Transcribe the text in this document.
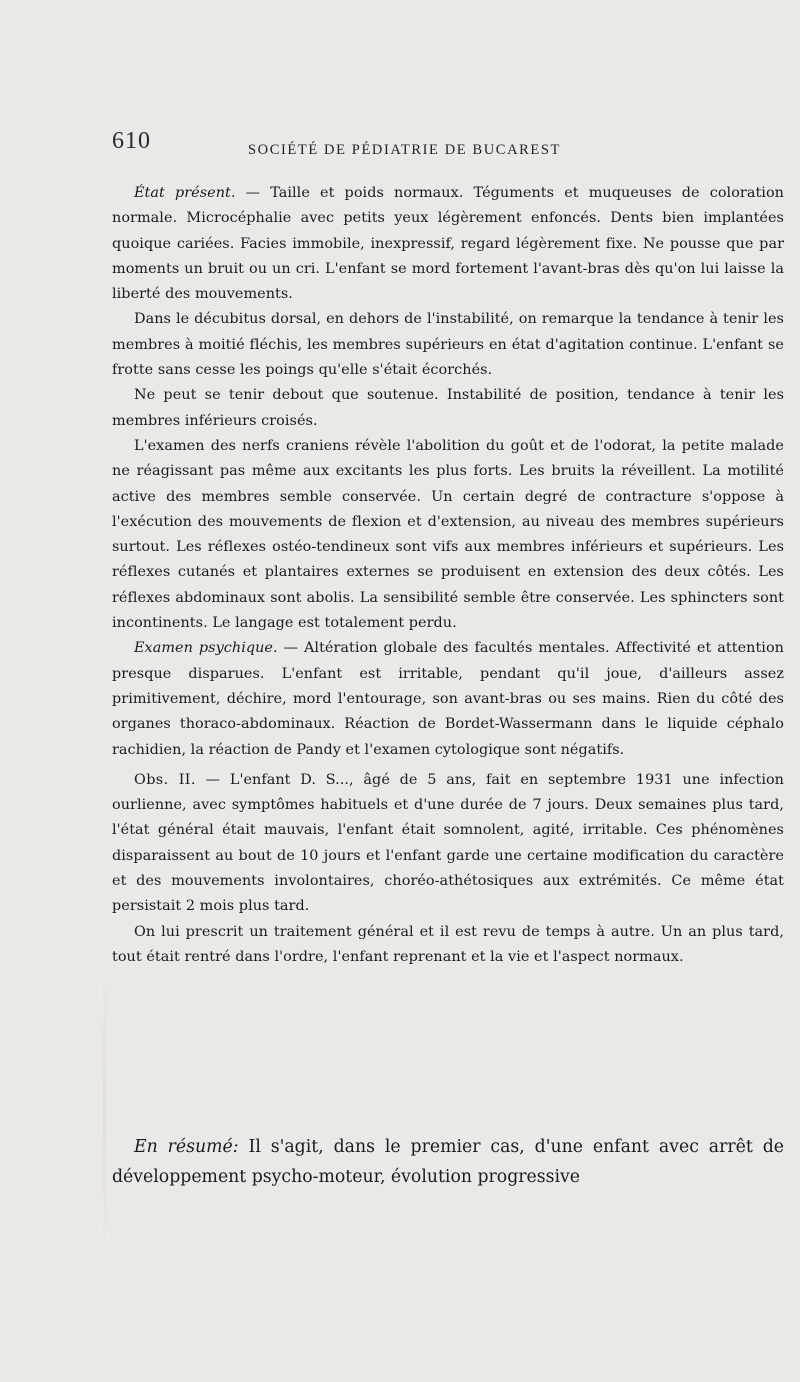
610	SOCIÉTÉ DE PÉDIATRIE DE BUCAREST

État présent. — Taille et poids normaux. Téguments et muqueuses de coloration normale. Microcéphalie avec petits yeux légèrement enfoncés. Dents bien implantées quoique cariées. Facies immobile, inexpressif, regard légèrement fixe. Ne pousse que par moments un bruit ou un cri. L'enfant se mord fortement l'avant-bras dès qu'on lui laisse la liberté des mouvements.

Dans le décubitus dorsal, en dehors de l'instabilité, on remarque la tendance à tenir les membres à moitié fléchis, les membres supérieurs en état d'agitation continue. L'enfant se frotte sans cesse les poings qu'elle s'était écorchés.

Ne peut se tenir debout que soutenue. Instabilité de position, tendance à tenir les membres inférieurs croisés.

L'examen des nerfs craniens révèle l'abolition du goût et de l'odorat, la petite malade ne réagissant pas même aux excitants les plus forts. Les bruits la réveillent. La motilité active des membres semble conservée. Un certain degré de contracture s'oppose à l'exécution des mouvements de flexion et d'extension, au niveau des membres supérieurs surtout. Les réflexes ostéo-tendineux sont vifs aux membres inférieurs et supérieurs. Les réflexes cutanés et plantaires externes se produisent en extension des deux côtés. Les réflexes abdominaux sont abolis. La sensibilité semble être conservée. Les sphincters sont incontinents. Le langage est totalement perdu.

Examen psychique. — Altération globale des facultés mentales. Affectivité et attention presque disparues. L'enfant est irritable, pendant qu'il joue, d'ailleurs assez primitivement, déchire, mord l'entourage, son avant-bras ou ses mains. Rien du côté des organes thoraco-abdominaux. Réaction de Bordet-Wassermann dans le liquide céphalo rachidien, la réaction de Pandy et l'examen cytologique sont négatifs.

Obs. II. — L'enfant D. S..., âgé de 5 ans, fait en septembre 1931 une infection ourlienne, avec symptômes habituels et d'une durée de 7 jours. Deux semaines plus tard, l'état général était mauvais, l'enfant était somnolent, agité, irritable. Ces phénomènes disparaissent au bout de 10 jours et l'enfant garde une certaine modification du caractère et des mouvements involontaires, choréo-athétosiques aux extrémités. Ce même état persistait 2 mois plus tard.

On lui prescrit un traitement général et il est revu de temps à autre. Un an plus tard, tout était rentré dans l'ordre, l'enfant reprenant et la vie et l'aspect normaux.

En résumé: Il s'agit, dans le premier cas, d'une enfant avec arrêt de développement psycho-moteur, évolution progressive
